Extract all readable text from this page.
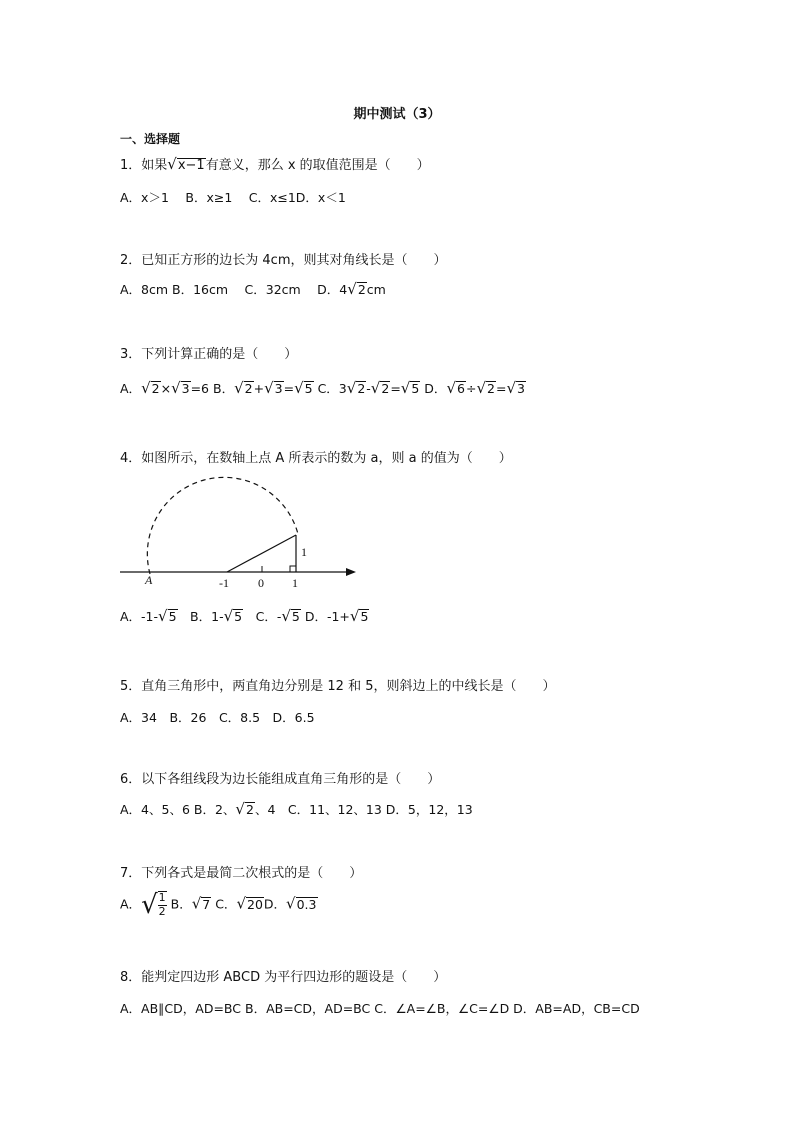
期中测试（3）
一、选择题
1．如果√x−1有意义，那么 x 的取值范围是（　　）
A．x＞1　 B．x≥1　 C．x≤1D．x＜1
2．已知正方形的边长为 4cm，则其对角线长是（　　）
A．8cm B．16cm　 C．32cm　 D．4√2cm
3．下列计算正确的是（　　）
A．√2×√3=6 B．√2+√3=√5 C．3√2-√2=√5 D．√6÷√2=√3
4．如图所示，在数轴上点 A 所表示的数为 a，则 a 的值为（　　）
A	-1 0 1
1
A．-1-√5　B．1-√5　C．-√5 D．-1+√5
5．直角三角形中，两直角边分别是 12 和 5，则斜边上的中线长是（　　）
A．34　B．26　C．8.5　D．6.5
6．以下各组线段为边长能组成直角三角形的是（　　）
A．4、5、6 B．2、√2、4　C．11、12、13 D．5，12，13
7．下列各式是最简二次根式的是（　　）
A．√ $\frac{1}{2}$ B．√7 C．√20D．√0.3
8．能判定四边形 ABCD 为平行四边形的题设是（　　）
A．AB∥CD，AD=BC B．AB=CD，AD=BC C．∠A=∠B，∠C=∠D D．AB=AD，CB=CD
